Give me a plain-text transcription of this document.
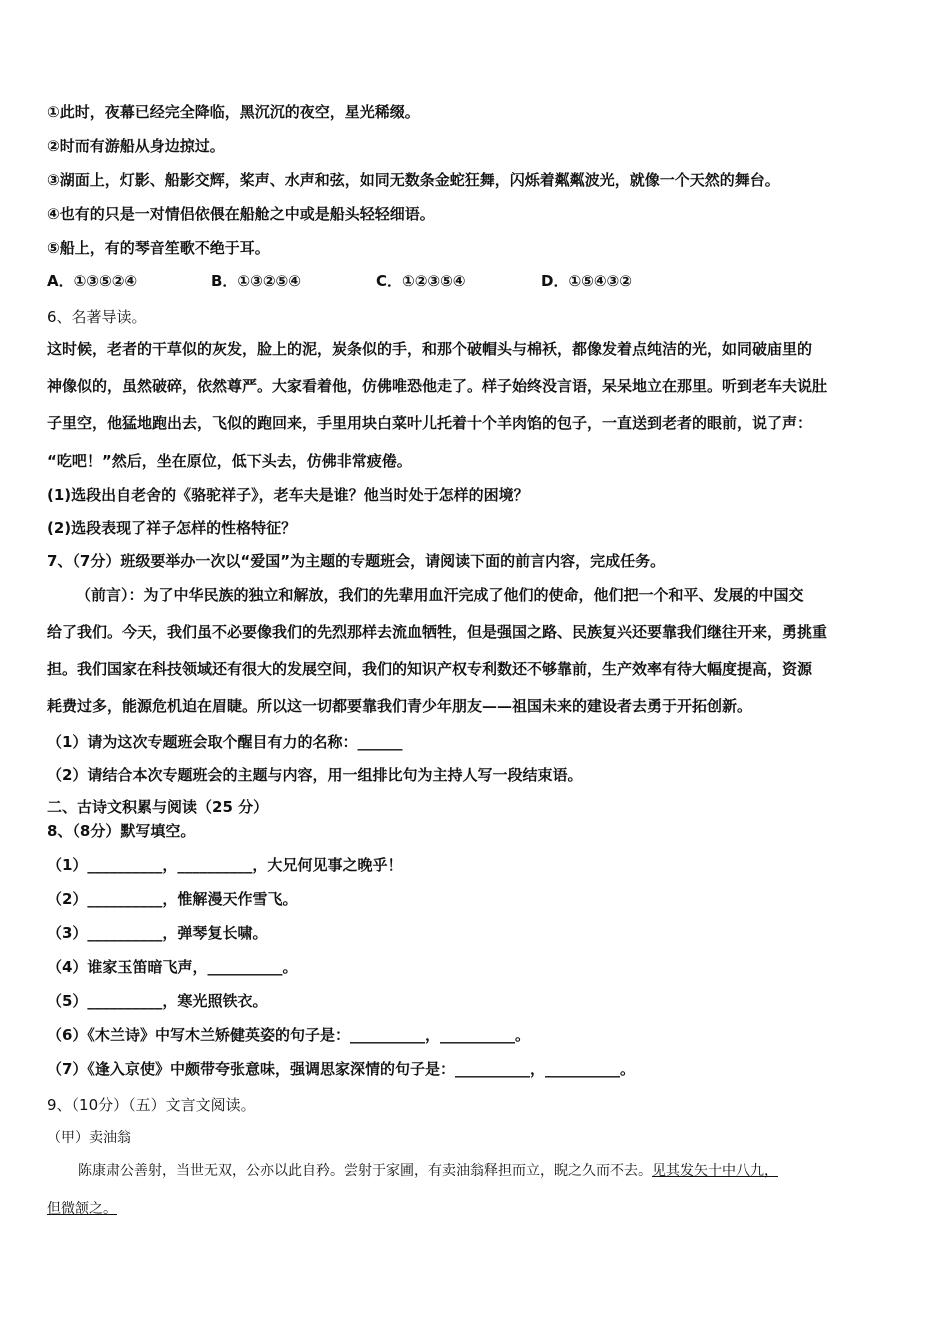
①此时，夜幕已经完全降临，黑沉沉的夜空，星光稀缀。
②时而有游船从身边掠过。
③湖面上，灯影、船影交辉，桨声、水声和弦，如同无数条金蛇狂舞，闪烁着粼粼波光，就像一个天然的舞台。
④也有的只是一对情侣依偎在船舱之中或是船头轻轻细语。
⑤船上，有的琴音笙歌不绝于耳。
A．①③⑤②④	B．①③②⑤④	C．①②③⑤④	D．①⑤④③②
6、名著导读。
这时候，老者的干草似的灰发，脸上的泥，炭条似的手，和那个破帽头与棉袄，都像发着点纯洁的光，如同破庙里的
神像似的，虽然破碎，依然尊严。大家看着他，仿佛唯恐他走了。样子始终没言语，呆呆地立在那里。听到老车夫说肚
子里空，他猛地跑出去，飞似的跑回来，手里用块白菜叶儿托着十个羊肉馅的包子，一直送到老者的眼前，说了声：
“吃吧！”然后，坐在原位，低下头去，仿佛非常疲倦。
(1)选段出自老舍的《骆驼祥子》，老车夫是谁？他当时处于怎样的困境？
(2)选段表现了祥子怎样的性格特征？
7、（7分）班级要举办一次以“爱国”为主题的专题班会，请阅读下面的前言内容，完成任务。
（前言）：为了中华民族的独立和解放，我们的先辈用血汗完成了他们的使命，他们把一个和平、发展的中国交
给了我们。今天，我们虽不必要像我们的先烈那样去流血牺牲，但是强国之路、民族复兴还要靠我们继往开来，勇挑重
担。我们国家在科技领域还有很大的发展空间，我们的知识产权专利数还不够靠前，生产效率有待大幅度提高，资源
耗费过多，能源危机迫在眉睫。所以这一切都要靠我们青少年朋友——祖国未来的建设者去勇于开拓创新。
（1）请为这次专题班会取个醒目有力的名称：______
（2）请结合本次专题班会的主题与内容，用一组排比句为主持人写一段结束语。
二、古诗文积累与阅读（25 分）
8、（8分）默写填空。
（1）__________，__________，大兄何见事之晚乎！
（2）__________，惟解漫天作雪飞。
（3）__________，弹琴复长啸。
（4）谁家玉笛暗飞声，__________。
（5）__________，寒光照铁衣。
（6）《木兰诗》中写木兰矫健英姿的句子是：__________，__________。
（7）《逢入京使》中颇带夸张意味，强调思家深情的句子是：__________，__________。
9、（10分）（五）文言文阅读。
（甲）卖油翁
陈康肃公善射，当世无双，公亦以此自矜。尝射于家圃，有卖油翁释担而立，睨之久而不去。见其发矢十中八九，
但微颔之。
